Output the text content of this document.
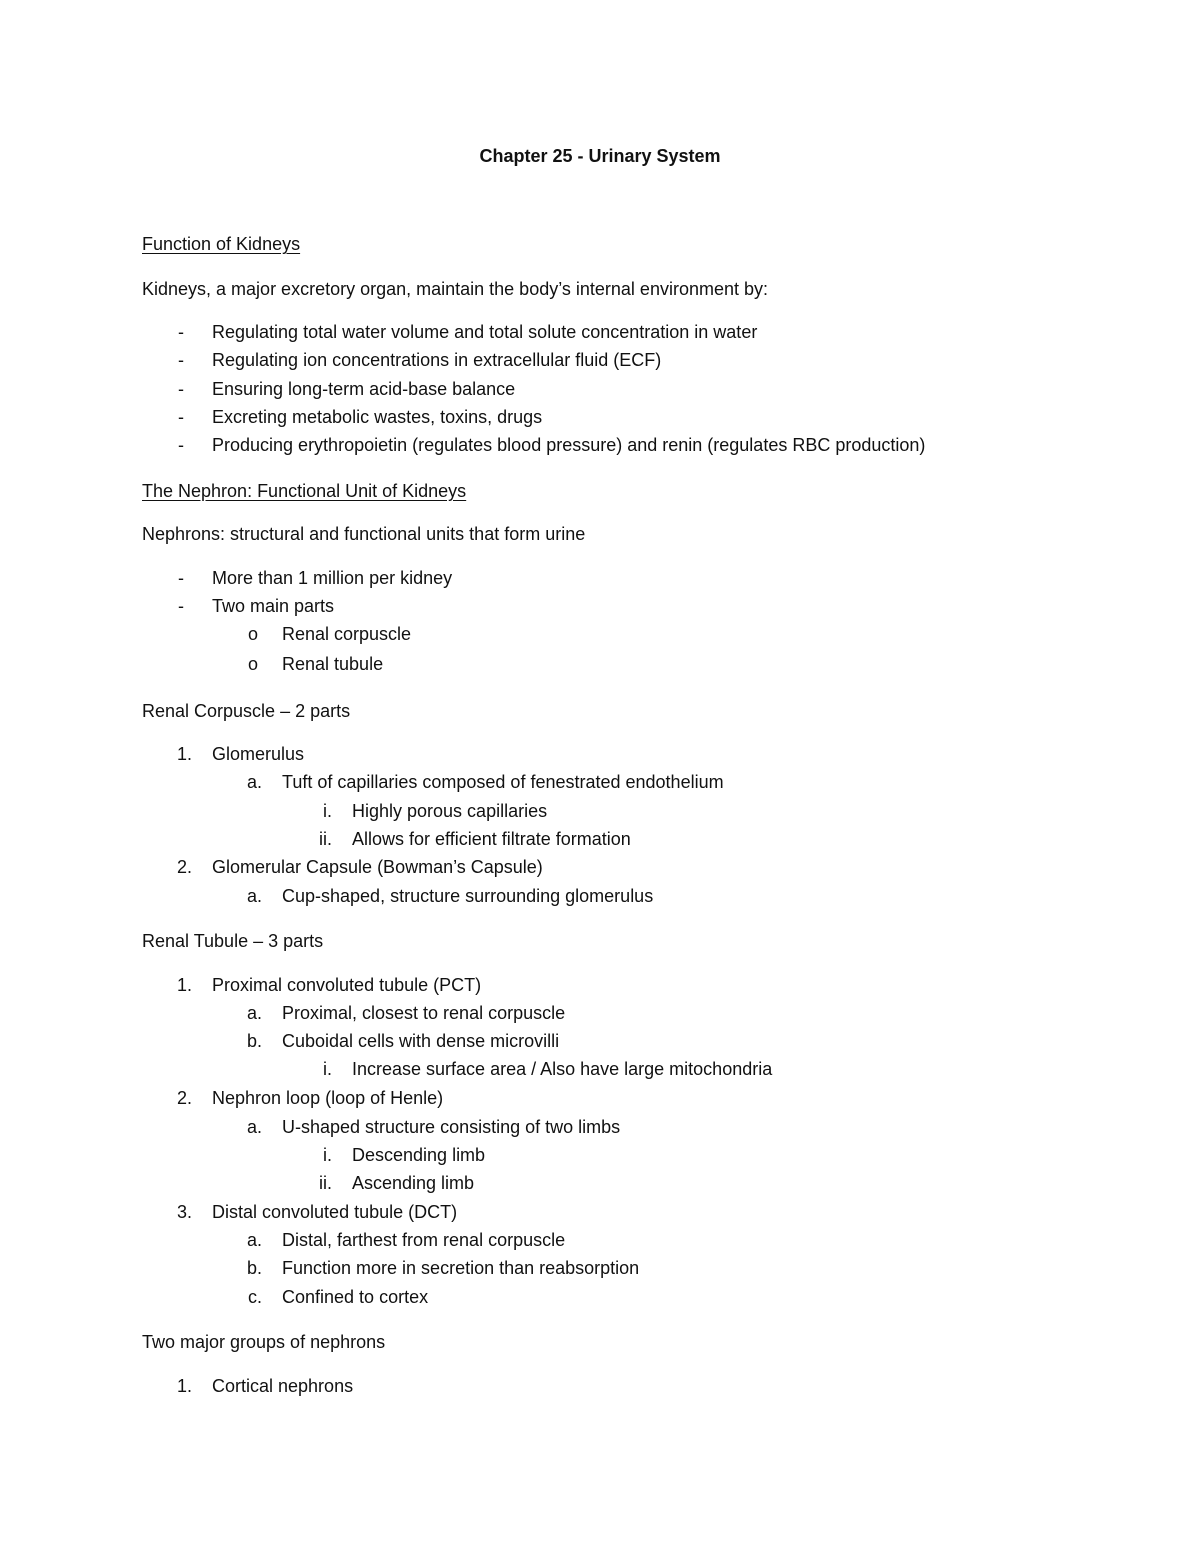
Chapter 25 - Urinary System
Function of Kidneys
Kidneys, a major excretory organ, maintain the body’s internal environment by:
- Regulating total water volume and total solute concentration in water
- Regulating ion concentrations in extracellular fluid (ECF)
- Ensuring long-term acid-base balance
- Excreting metabolic wastes, toxins, drugs
- Producing erythropoietin (regulates blood pressure) and renin (regulates RBC production)
The Nephron: Functional Unit of Kidneys
Nephrons: structural and functional units that form urine
- More than 1 million per kidney
- Two main parts
o Renal corpuscle
o Renal tubule
Renal Corpuscle – 2 parts
1. Glomerulus
a. Tuft of capillaries composed of fenestrated endothelium
i. Highly porous capillaries
ii. Allows for efficient filtrate formation
2. Glomerular Capsule (Bowman’s Capsule)
a. Cup-shaped, structure surrounding glomerulus
Renal Tubule – 3 parts
1. Proximal convoluted tubule (PCT)
a. Proximal, closest to renal corpuscle
b. Cuboidal cells with dense microvilli
i. Increase surface area / Also have large mitochondria
2. Nephron loop (loop of Henle)
a. U-shaped structure consisting of two limbs
i. Descending limb
ii. Ascending limb
3. Distal convoluted tubule (DCT)
a. Distal, farthest from renal corpuscle
b. Function more in secretion than reabsorption
c. Confined to cortex
Two major groups of nephrons
1. Cortical nephrons
